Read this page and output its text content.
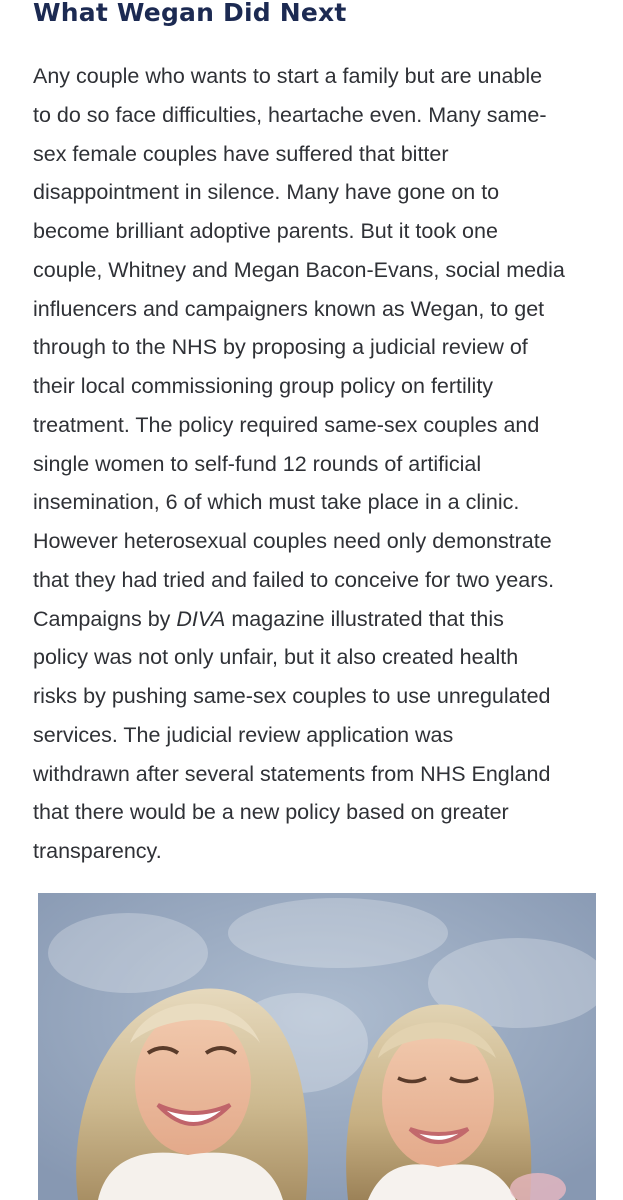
What Wegan Did Next
Any couple who wants to start a family but are unable
to do so face difficulties, heartache even. Many same-
sex female couples have suffered that bitter
disappointment in silence. Many have gone on to
become brilliant adoptive parents. But it took one
couple, Whitney and Megan Bacon-Evans, social media
influencers and campaigners known as Wegan, to get
through to the NHS by proposing a judicial review of
their local commissioning group policy on fertility
treatment. The policy required same-sex couples and
single women to self-fund 12 rounds of artificial
insemination, 6 of which must take place in a clinic.
However heterosexual couples need only demonstrate
that they had tried and failed to conceive for two years.
Campaigns by DIVA magazine illustrated that this
policy was not only unfair, but it also created health
risks by pushing same-sex couples to use unregulated
services. The judicial review application was
withdrawn after several statements from NHS England
that there would be a new policy based on greater
transparency.
